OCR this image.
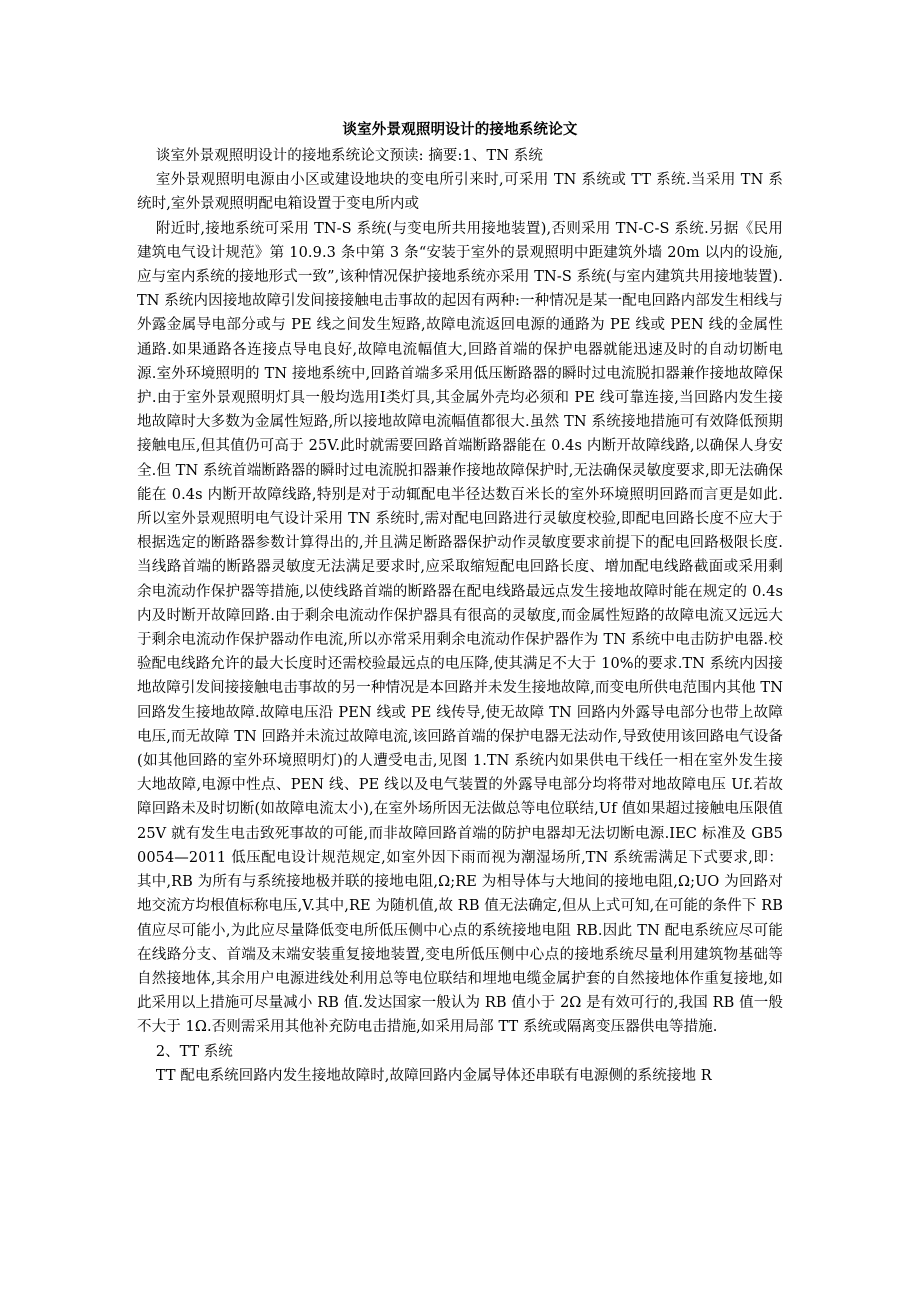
谈室外景观照明设计的接地系统论文

谈室外景观照明设计的接地系统论文预读: 摘要:1、TN 系统

室外景观照明电源由小区或建设地块的变电所引来时,可采用 TN 系统或 TT 系统.当采用 TN 系统时,室外景观照明配电箱设置于变电所内或

附近时,接地系统可采用 TN-S 系统(与变电所共用接地装置),否则采用 TN-C-S 系统.另据《民用建筑电气设计规范》第 10.9.3 条中第 3 条“安装于室外的景观照明中距建筑外墙 20m 以内的设施,应与室内系统的接地形式一致”,该种情况保护接地系统亦采用 TN-S 系统(与室内建筑共用接地装置).TN 系统内因接地故障引发间接接触电击事故的起因有两种:一种情况是某一配电回路内部发生相线与外露金属导电部分或与 PE 线之间发生短路,故障电流返回电源的通路为 PE 线或 PEN 线的金属性通路.如果通路各连接点导电良好,故障电流幅值大,回路首端的保护电器就能迅速及时的自动切断电源.室外环境照明的 TN 接地系统中,回路首端多采用低压断路器的瞬时过电流脱扣器兼作接地故障保护.由于室外景观照明灯具一般均选用Ⅰ类灯具,其金属外壳均必须和 PE 线可靠连接,当回路内发生接地故障时大多数为金属性短路,所以接地故障电流幅值都很大.虽然 TN 系统接地措施可有效降低预期接触电压,但其值仍可高于 25V.此时就需要回路首端断路器能在 0.4s 内断开故障线路,以确保人身安全.但 TN 系统首端断路器的瞬时过电流脱扣器兼作接地故障保护时,无法确保灵敏度要求,即无法确保能在 0.4s 内断开故障线路,特别是对于动辄配电半径达数百米长的室外环境照明回路而言更是如此.所以室外景观照明电气设计采用 TN 系统时,需对配电回路进行灵敏度校验,即配电回路长度不应大于根据选定的断路器参数计算得出的,并且满足断路器保护动作灵敏度要求前提下的配电回路极限长度.当线路首端的断路器灵敏度无法满足要求时,应采取缩短配电回路长度、增加配电线路截面或采用剩余电流动作保护器等措施,以使线路首端的断路器在配电线路最远点发生接地故障时能在规定的 0.4s 内及时断开故障回路.由于剩余电流动作保护器具有很高的灵敏度,而金属性短路的故障电流又远远大于剩余电流动作保护器动作电流,所以亦常采用剩余电流动作保护器作为 TN 系统中电击防护电器.校验配电线路允许的最大长度时还需校验最远点的电压降,使其满足不大于 10%的要求.TN 系统内因接地故障引发间接接触电击事故的另一种情况是本回路并未发生接地故障,而变电所供电范围内其他 TN 回路发生接地故障.故障电压沿 PEN 线或 PE 线传导,使无故障 TN 回路内外露导电部分也带上故障电压,而无故障 TN 回路并未流过故障电流,该回路首端的保护电器无法动作,导致使用该回路电气设备(如其他回路的室外环境照明灯)的人遭受电击,见图 1.TN 系统内如果供电干线任一相在室外发生接大地故障,电源中性点、PEN 线、PE 线以及电气装置的外露导电部分均将带对地故障电压 Uf.若故障回路未及时切断(如故障电流太小),在室外场所因无法做总等电位联结,Uf 值如果超过接触电压限值 25V 就有发生电击致死事故的可能,而非故障回路首端的防护电器却无法切断电源.IEC 标准及 GB50054—2011 低压配电设计规范规定,如室外因下雨而视为潮湿场所,TN 系统需满足下式要求,即：其中,RB 为所有与系统接地极并联的接地电阻,Ω;RE 为相导体与大地间的接地电阻,Ω;UO 为回路对地交流方均根值标称电压,V.其中,RE 为随机值,故 RB 值无法确定,但从上式可知,在可能的条件下 RB 值应尽可能小,为此应尽量降低变电所低压侧中心点的系统接地电阻 RB.因此 TN 配电系统应尽可能在线路分支、首端及末端安装重复接地装置,变电所低压侧中心点的接地系统尽量利用建筑物基础等自然接地体,其余用户电源进线处利用总等电位联结和埋地电缆金属护套的自然接地体作重复接地,如此采用以上措施可尽量减小 RB 值.发达国家一般认为 RB 值小于 2Ω 是有效可行的,我国 RB 值一般不大于 1Ω.否则需采用其他补充防电击措施,如采用局部 TT 系统或隔离变压器供电等措施.

2、TT 系统

TT 配电系统回路内发生接地故障时,故障回路内金属导体还串联有电源侧的系统接地 R
